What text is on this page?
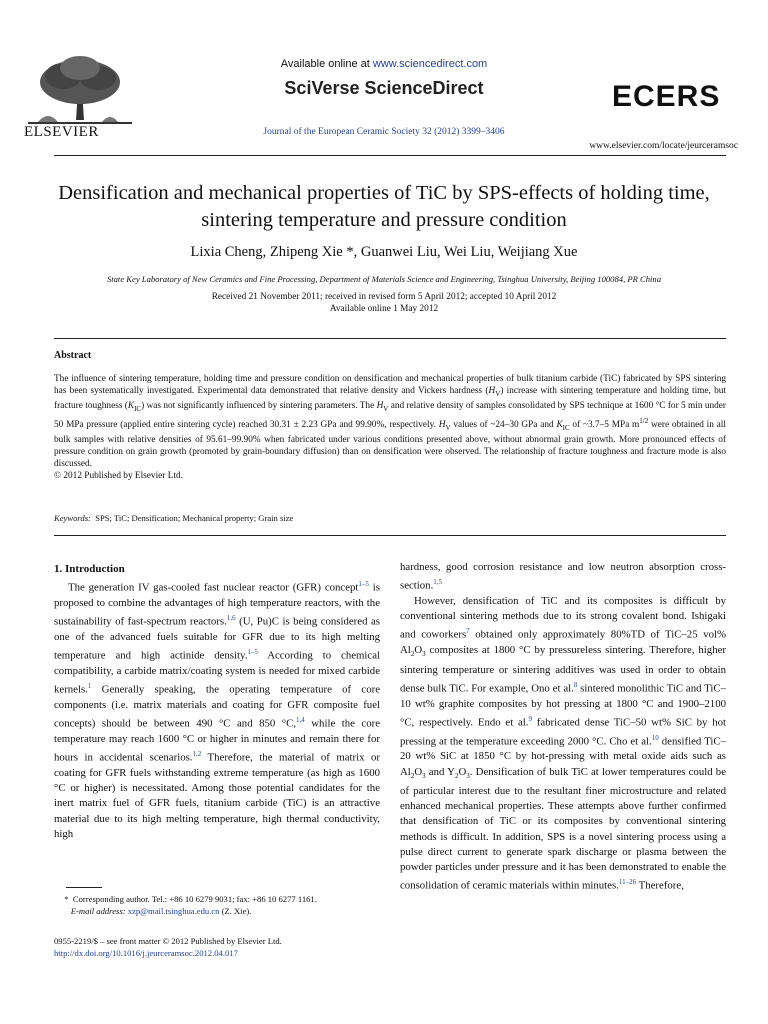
ELSEVIER
Available online at www.sciencedirect.com
SciVerse ScienceDirect
Journal of the European Ceramic Society 32 (2012) 3399–3406
ECERS
www.elsevier.com/locate/jeurceramsoc
Densification and mechanical properties of TiC by SPS-effects of holding time, sintering temperature and pressure condition
Lixia Cheng, Zhipeng Xie *, Guanwei Liu, Wei Liu, Weijiang Xue
State Key Laboratory of New Ceramics and Fine Processing, Department of Materials Science and Engineering, Tsinghua University, Beijing 100084, PR China
Received 21 November 2011; received in revised form 5 April 2012; accepted 10 April 2012
Available online 1 May 2012
Abstract
The influence of sintering temperature, holding time and pressure condition on densification and mechanical properties of bulk titanium carbide (TiC) fabricated by SPS sintering has been systematically investigated. Experimental data demonstrated that relative density and Vickers hardness $(H_V)$ increase with sintering temperature and holding time, but fracture toughness $(K_{IC})$ was not significantly influenced by sintering parameters. The $H_V$ and relative density of samples consolidated by SPS technique at 1600 °C for 5 min under 50 MPa pressure (applied entire sintering cycle) reached 30.31 ± 2.23 GPa and 99.90%, respectively. $H_V$ values of ~24–30 GPa and $K_{IC}$ of ~3.7–5 MPa $m^{1/2}$ were obtained in all bulk samples with relative densities of 95.61–99.90% when fabricated under various conditions presented above, without abnormal grain growth. More pronounced effects of pressure condition on grain growth (promoted by grain-boundary diffusion) than on densification were observed. The relationship of fracture toughness and fracture mode is also discussed.
© 2012 Published by Elsevier Ltd.
Keywords: SPS; TiC; Densification; Mechanical property; Grain size

1. Introduction

The generation IV gas-cooled fast nuclear reactor (GFR) concept$^{1-5}$ is proposed to combine the advantages of high temperature reactors, with the sustainability of fast-spectrum reactors.$^{1,6}$ (U, Pu)C is being considered as one of the advanced fuels suitable for GFR due to its high melting temperature and high actinide density.$^{1-5}$ According to chemical compatibility, a carbide matrix/coating system is needed for mixed carbide kernels.$^1$ Generally speaking, the operating temperature of core components (i.e. matrix materials and coating for GFR composite fuel concepts) should be between 490 °C and 850 °C,$^{1,4}$ while the core temperature may reach 1600 °C or higher in minutes and remain there for hours in accidental scenarios.$^{1,2}$ Therefore, the material of matrix or coating for GFR fuels withstanding extreme temperature (as high as 1600 °C or higher) is necessitated. Among those potential candidates for the inert matrix fuel of GFR fuels, titanium carbide (TiC) is an attractive material due to its high melting temperature, high thermal conductivity, high

hardness, good corrosion resistance and low neutron absorption cross-section.$^{1,5}$

However, densification of TiC and its composites is difficult by conventional sintering methods due to its strong covalent bond. Ishigaki and coworkers$^7$ obtained only approximately 80%TD of TiC–25 vol% $Al_2O_3$ composites at 1800 °C by pressureless sintering. Therefore, higher sintering temperature or sintering additives was used in order to obtain dense bulk TiC. For example, Ono et al.$^8$ sintered monolithic TiC and TiC–10 wt% graphite composites by hot pressing at 1800 °C and 1900–2100 °C, respectively. Endo et al.$^9$ fabricated dense TiC–50 wt% SiC by hot pressing at the temperature exceeding 2000 °C. Cho et al.$^{10}$ densified TiC–20 wt% SiC at 1850 °C by hot-pressing with metal oxide aids such as $Al_2O_3$ and $Y_2O_3$. Densification of bulk TiC at lower temperatures could be of particular interest due to the resultant finer microstructure and related enhanced mechanical properties. These attempts above further confirmed that densification of TiC or its composites by conventional sintering methods is difficult. In addition, SPS is a novel sintering process using a pulse direct current to generate spark discharge or plasma between the powder particles under pressure and it has been demonstrated to enable the consolidation of ceramic materials within minutes.$^{11-26}$ Therefore,

*  Corresponding author. Tel.: +86 10 6279 9031; fax: +86 10 6277 1161.
E-mail address: xzp@mail.tsinghua.edu.cn (Z. Xie).
0955-2219/$ – see front matter © 2012 Published by Elsevier Ltd.
http://dx.doi.org/10.1016/j.jeurceramsoc.2012.04.017
